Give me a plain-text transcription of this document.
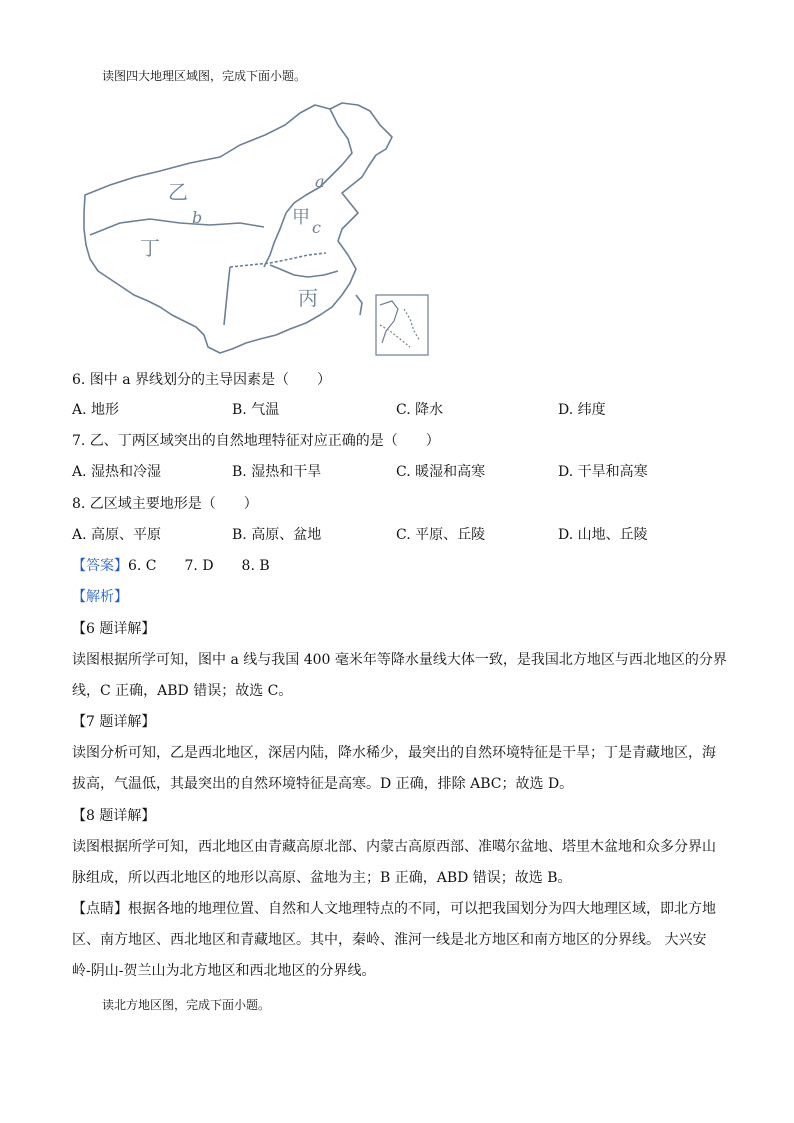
读图四大地理区域图，完成下面小题。
a
b
c
甲
乙
丙
丁
6. 图中 a 界线划分的主导因素是（　　）
A. 地形	B. 气温	C. 降水	D. 纬度
7. 乙、丁两区域突出的自然地理特征对应正确的是（　　）
A. 湿热和冷湿	B. 湿热和干旱	C. 暖湿和高寒	D. 干旱和高寒
8. 乙区域主要地形是（　　）
A. 高原、平原	B. 高原、盆地	C. 平原、丘陵	D. 山地、丘陵
【答案】6. C　　7. D　　8. B
【解析】
【6 题详解】
读图根据所学可知，图中 a 线与我国 400 毫米年等降水量线大体一致，是我国北方地区与西北地区的分界
线，C 正确，ABD 错误；故选 C。
【7 题详解】
读图分析可知，乙是西北地区，深居内陆，降水稀少，最突出的自然环境特征是干旱；丁是青藏地区，海
拔高，气温低，其最突出的自然环境特征是高寒。D 正确，排除 ABC；故选 D。
【8 题详解】
读图根据所学可知，西北地区由青藏高原北部、内蒙古高原西部、准噶尔盆地、塔里木盆地和众多分界山
脉组成，所以西北地区的地形以高原、盆地为主；B 正确，ABD 错误；故选 B。
【点睛】根据各地的地理位置、自然和人文地理特点的不同，可以把我国划分为四大地理区域，即北方地
区、南方地区、西北地区和青藏地区。其中，秦岭、淮河一线是北方地区和南方地区的分界线。 大兴安
岭-阴山-贺兰山为北方地区和西北地区的分界线。
读北方地区图，完成下面小题。
